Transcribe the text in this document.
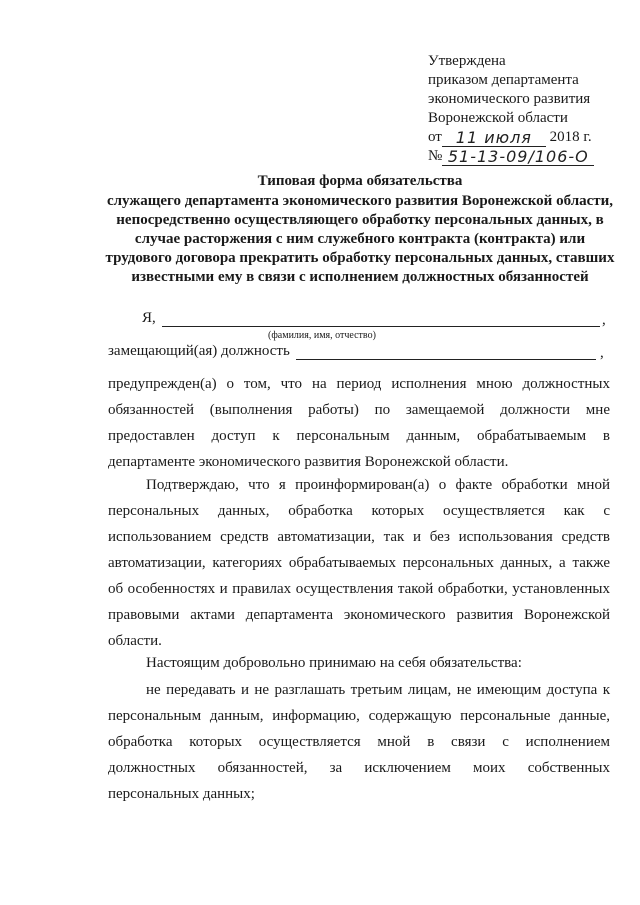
Утверждена
приказом департамента
экономического развития
Воронежской области
от 11 июля 2018 г.
№ 51-13-09/106-О
Типовая форма обязательства
служащего департамента экономического развития Воронежской области, непосредственно осуществляющего обработку персональных данных, в случае расторжения с ним служебного контракта (контракта) или трудового договора прекратить обработку персональных данных, ставших известными ему в связи с исполнением должностных обязанностей
Я,	,
(фамилия, имя, отчество)
замещающий(ая) должность	,

предупрежден(а) о том, что на период исполнения мною должностных обязанностей (выполнения работы) по замещаемой должности мне предоставлен доступ к персональным данным, обрабатываемым в департаменте экономического развития Воронежской области.

Подтверждаю, что я проинформирован(а) о факте обработки мной персональных данных, обработка которых осуществляется как с использованием средств автоматизации, так и без использования средств автоматизации, категориях обрабатываемых персональных данных, а также об особенностях и правилах осуществления такой обработки, установленных правовыми актами департамента экономического развития Воронежской области.

Настоящим добровольно принимаю на себя обязательства:

не передавать и не разглашать третьим лицам, не имеющим доступа к персональным данным, информацию, содержащую персональные данные, обработка которых осуществляется мной в связи с исполнением должностных обязанностей, за исключением моих собственных персональных данных;
